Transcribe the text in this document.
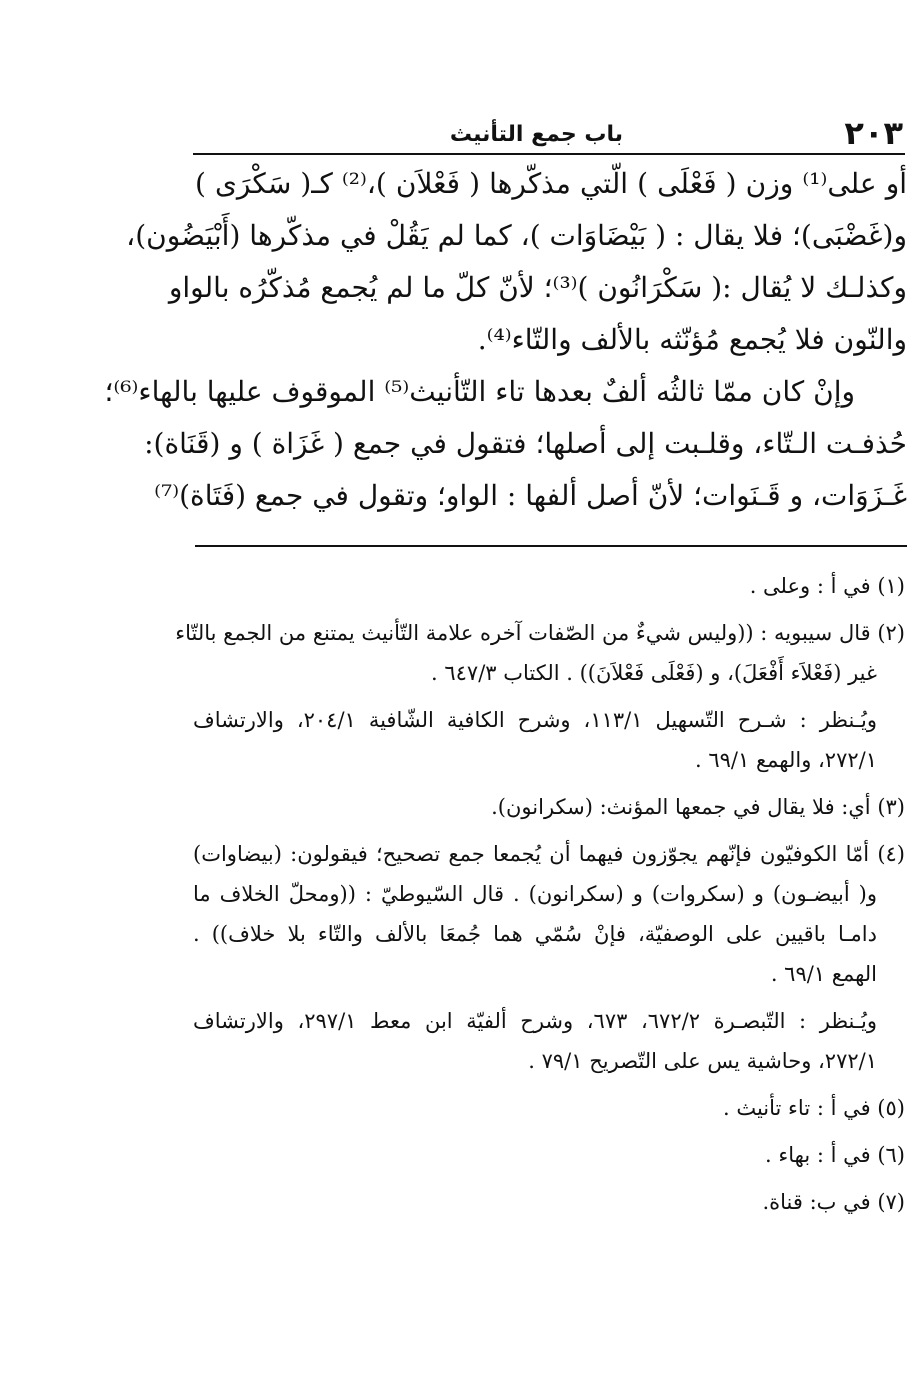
٢٠٣
باب جمع التأنيث
أو على⁽¹⁾ وزن ( فَعْلَى ) الّتي مذكّرها ( فَعْلاَن )،⁽²⁾ كـ( سَكْرَى )
و(غَضْبَى)؛ فلا يقال : ( بَيْضَاوَات )، كما لم يَقُلْ في مذكّرها (أَبْيَضُون)،
وكذلـك لا يُقال :( سَكْرَانُون )⁽³⁾؛ لأنّ كلّ ما لم يُجمع مُذكّرُه بالواو
والنّون فلا يُجمع مُؤنّثه بالألف والتّاء⁽⁴⁾.
وإنْ كان ممّا ثالثُه ألفٌ بعدها تاء التّأنيث⁽⁵⁾ الموقوف عليها بالهاء⁽⁶⁾؛
حُذفـت الـتّاء، وقلـبت إلى أصلها؛ فتقول في جمع ( غَزَاة ) و (قَنَاة):
غَـزَوَات، و قَـنَوات؛ لأنّ أصل ألفها : الواو؛ وتقول في جمع (فَتَاة)⁽⁷⁾
(١) في أ : وعلى .
(٢) قال سيبويه : ((وليس شيءٌ من الصّفات آخره علامة التّأنيث يمتنع من الجمع بالتّاء
غير (فَعْلاَء أَفْعَلَ)، و (فَعْلَى فَعْلاَنَ)) . الكتاب ٦٤٧/٣ .
ويُـنظر : شـرح التّسهيل ١١٣/١، وشرح الكافية الشّافية ٢٠٤/١، والارتشاف
٢٧٢/١، والهمع ٦٩/١ .
(٣) أي: فلا يقال في جمعها المؤنث: (سكرانون).
(٤) أمّا الكوفيّون فإنّهم يجوّزون فيهما أن يُجمعا جمع تصحيح؛ فيقولون: (بيضاوات)
و( أبيضـون) و (سكروات) و (سكرانون) . قال السّيوطيّ : ((ومحلّ الخلاف ما
دامـا باقيين على الوصفيّة، فإنْ سُمّي هما جُمعَا بالألف والتّاء بلا خلاف)) .
الهمع ٦٩/١ .
ويُـنظر : التّبصـرة ٦٧٢/٢، ٦٧٣، وشرح ألفيّة ابن معط ٢٩٧/١، والارتشاف
٢٧٢/١، وحاشية يس على التّصريح ٧٩/١ .
(٥) في أ : تاء تأنيث .
(٦) في أ : بهاء .
(٧) في ب: قناة.
